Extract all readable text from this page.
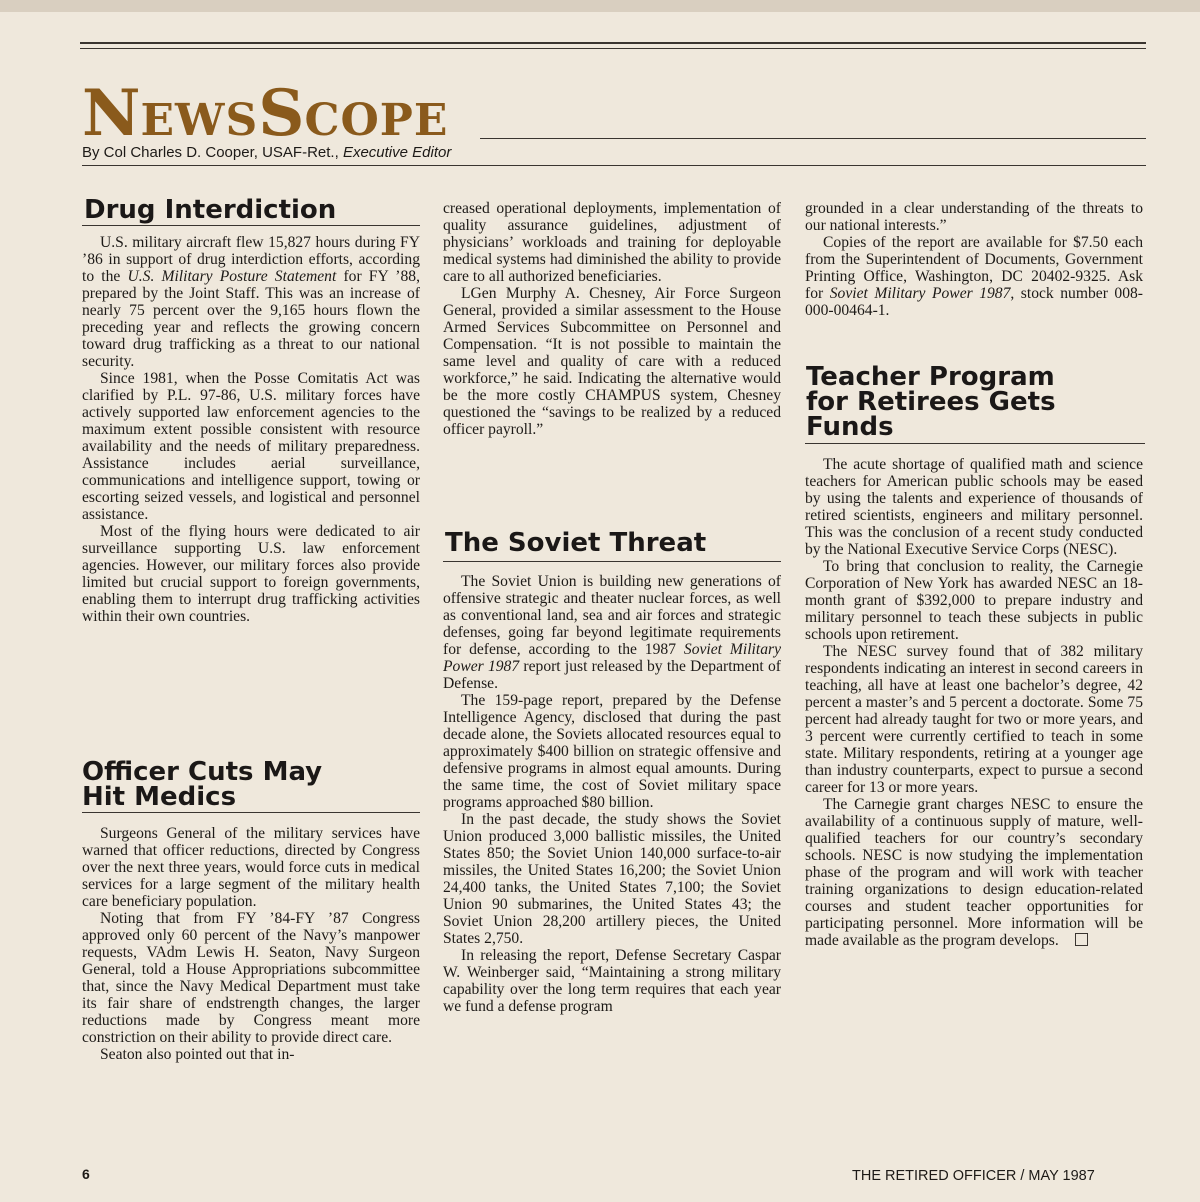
NEWSSCOPE
By Col Charles D. Cooper, USAF-Ret., Executive Editor
Drug Interdiction

U.S. military aircraft flew 15,827 hours during FY ’86 in support of drug interdiction efforts, according to the U.S. Military Posture Statement for FY ’88, prepared by the Joint Staff. This was an increase of nearly 75 percent over the 9,165 hours flown the preceding year and reflects the growing concern toward drug trafficking as a threat to our national security.

Since 1981, when the Posse Comitatis Act was clarified by P.L. 97-86, U.S. military forces have actively supported law enforcement agencies to the maximum extent possible consistent with resource availability and the needs of military preparedness. Assistance includes aerial surveillance, communications and intelligence support, towing or escorting seized vessels, and logistical and personnel assistance.

Most of the flying hours were dedicated to air surveillance supporting U.S. law enforcement agencies. However, our military forces also provide limited but crucial support to foreign governments, enabling them to interrupt drug trafficking activities within their own countries.

Officer Cuts May
Hit Medics

Surgeons General of the military services have warned that officer reductions, directed by Congress over the next three years, would force cuts in medical services for a large segment of the military health care beneficiary population.

Noting that from FY ’84-FY ’87 Congress approved only 60 percent of the Navy’s manpower requests, VAdm Lewis H. Seaton, Navy Surgeon General, told a House Appropriations subcommittee that, since the Navy Medical Department must take its fair share of endstrength changes, the larger reductions made by Congress meant more constriction on their ability to provide direct care.

Seaton also pointed out that in-

creased operational deployments, implementation of quality assurance guidelines, adjustment of physicians’ workloads and training for deployable medical systems had diminished the ability to provide care to all authorized beneficiaries.

LGen Murphy A. Chesney, Air Force Surgeon General, provided a similar assessment to the House Armed Services Subcommittee on Personnel and Compensation. “It is not possible to maintain the same level and quality of care with a reduced workforce,” he said. Indicating the alternative would be the more costly CHAMPUS system, Chesney questioned the “savings to be realized by a reduced officer payroll.”

The Soviet Threat

The Soviet Union is building new generations of offensive strategic and theater nuclear forces, as well as conventional land, sea and air forces and strategic defenses, going far beyond legitimate requirements for defense, according to the 1987 Soviet Military Power 1987 report just released by the Department of Defense.

The 159-page report, prepared by the Defense Intelligence Agency, disclosed that during the past decade alone, the Soviets allocated resources equal to approximately $400 billion on strategic offensive and defensive programs in almost equal amounts. During the same time, the cost of Soviet military space programs approached $80 billion.

In the past decade, the study shows the Soviet Union produced 3,000 ballistic missiles, the United States 850; the Soviet Union 140,000 surface-to-air missiles, the United States 16,200; the Soviet Union 24,400 tanks, the United States 7,100; the Soviet Union 90 submarines, the United States 43; the Soviet Union 28,200 artillery pieces, the United States 2,750.

In releasing the report, Defense Secretary Caspar W. Weinberger said, “Maintaining a strong military capability over the long term requires that each year we fund a defense program

grounded in a clear understanding of the threats to our national interests.”

Copies of the report are available for $7.50 each from the Superintendent of Documents, Government Printing Office, Washington, DC 20402-9325. Ask for Soviet Military Power 1987, stock number 008-000-00464-1.

Teacher Program
for Retirees Gets
Funds

The acute shortage of qualified math and science teachers for American public schools may be eased by using the talents and experience of thousands of retired scientists, engineers and military personnel. This was the conclusion of a recent study conducted by the National Executive Service Corps (NESC).

To bring that conclusion to reality, the Carnegie Corporation of New York has awarded NESC an 18-month grant of $392,000 to prepare industry and military personnel to teach these subjects in public schools upon retirement.

The NESC survey found that of 382 military respondents indicating an interest in second careers in teaching, all have at least one bachelor’s degree, 42 percent a master’s and 5 percent a doctorate. Some 75 percent had already taught for two or more years, and 3 percent were currently certified to teach in some state. Military respondents, retiring at a younger age than industry counterparts, expect to pursue a second career for 13 or more years.

The Carnegie grant charges NESC to ensure the availability of a continuous supply of mature, well-qualified teachers for our country’s secondary schools. NESC is now studying the implementation phase of the program and will work with teacher training organizations to design education-related courses and student teacher opportunities for participating personnel. More information will be made available as the program develops.

6	THE RETIRED OFFICER / MAY 1987
